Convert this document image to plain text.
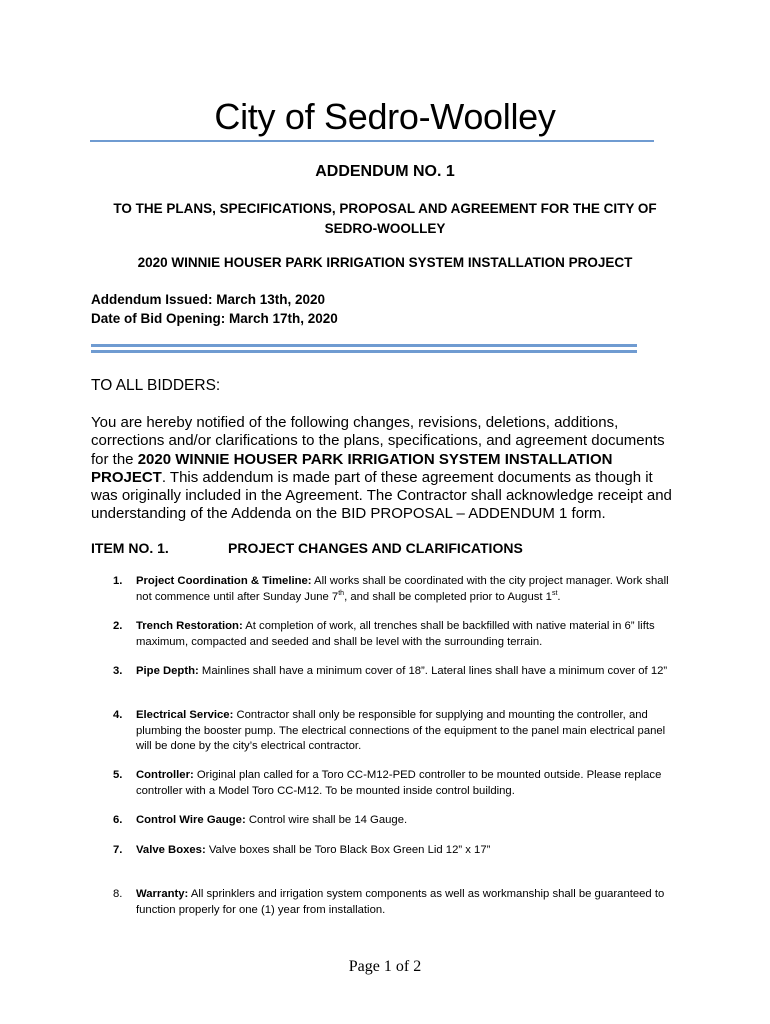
City of Sedro-Woolley
ADDENDUM NO. 1
TO THE PLANS, SPECIFICATIONS, PROPOSAL AND AGREEMENT FOR THE CITY OF SEDRO-WOOLLEY
2020 WINNIE HOUSER PARK IRRIGATION SYSTEM INSTALLATION PROJECT
Addendum Issued: March 13th, 2020
Date of Bid Opening: March 17th, 2020
TO ALL BIDDERS:
You are hereby notified of the following changes, revisions, deletions, additions, corrections and/or clarifications to the plans, specifications, and agreement documents for the 2020 WINNIE HOUSER PARK IRRIGATION SYSTEM INSTALLATION PROJECT. This addendum is made part of these agreement documents as though it was originally included in the Agreement. The Contractor shall acknowledge receipt and understanding of the Addenda on the BID PROPOSAL – ADDENDUM 1 form.
ITEM NO. 1.	PROJECT CHANGES AND CLARIFICATIONS
1. Project Coordination & Timeline: All works shall be coordinated with the city project manager. Work shall not commence until after Sunday June 7th, and shall be completed prior to August 1st.
2. Trench Restoration: At completion of work, all trenches shall be backfilled with native material in 6” lifts maximum, compacted and seeded and shall be level with the surrounding terrain.
3. Pipe Depth: Mainlines shall have a minimum cover of 18”. Lateral lines shall have a minimum cover of 12”
4. Electrical Service: Contractor shall only be responsible for supplying and mounting the controller, and plumbing the booster pump. The electrical connections of the equipment to the panel main electrical panel will be done by the city’s electrical contractor.
5. Controller: Original plan called for a Toro CC-M12-PED controller to be mounted outside. Please replace controller with a Model Toro CC-M12. To be mounted inside control building.
6. Control Wire Gauge: Control wire shall be 14 Gauge.
7. Valve Boxes: Valve boxes shall be Toro Black Box Green Lid 12” x 17”
8. Warranty: All sprinklers and irrigation system components as well as workmanship shall be guaranteed to function properly for one (1) year from installation.
Page 1 of 2
